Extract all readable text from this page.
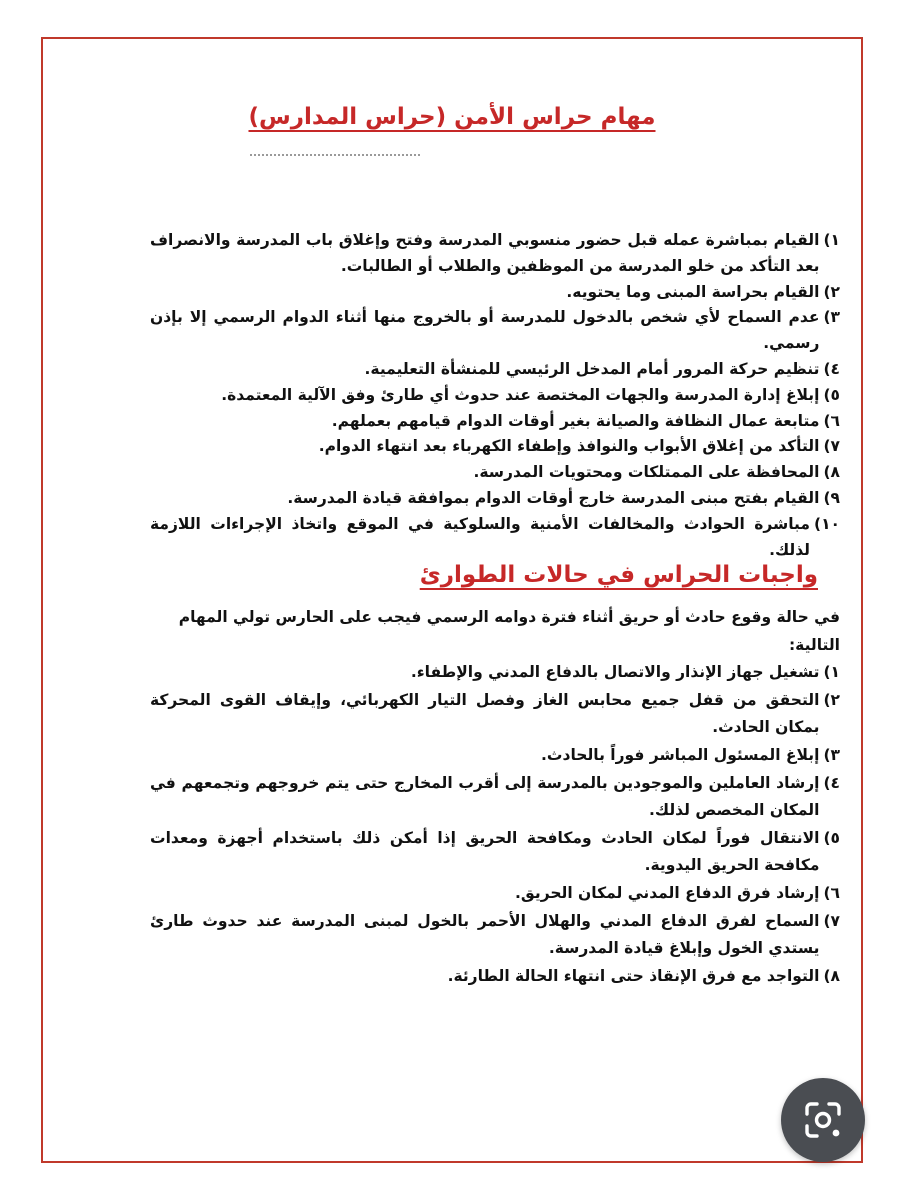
مهام حراس الأمن (حراس المدارس)
١)
القيام بمباشرة عمله قبل حضور منسوبي المدرسة وفتح وإغلاق باب المدرسة والانصراف بعد التأكد من خلو المدرسة من الموظفين والطلاب أو الطالبات.
٢)
القيام بحراسة المبنى وما يحتويه.
٣)
عدم السماح لأي شخص بالدخول للمدرسة أو بالخروج منها أثناء الدوام الرسمي إلا بإذن رسمي.
٤)
تنظيم حركة المرور أمام المدخل الرئيسي للمنشأة التعليمية.
٥)
إبلاغ إدارة المدرسة والجهات المختصة عند حدوث أي طارئ وفق الآلية المعتمدة.
٦)
متابعة عمال النظافة والصيانة بغير أوقات الدوام قيامهم بعملهم.
٧)
التأكد من إغلاق الأبواب والنوافذ وإطفاء الكهرباء بعد انتهاء الدوام.
٨)
المحافظة على الممتلكات ومحتويات المدرسة.
٩)
القيام بفتح مبنى المدرسة خارج أوقات الدوام بموافقة قيادة المدرسة.
١٠)
مباشرة الحوادث والمخالفات الأمنية والسلوكية في الموقع واتخاذ الإجراءات اللازمة لذلك.
واجبات الحراس في حالات الطوارئ
في حالة وقوع حادث أو حريق أثناء فترة دوامه الرسمي فيجب على الحارس تولي المهام التالية:
١)
تشغيل جهاز الإنذار والاتصال بالدفاع المدني والإطفاء.
٢)
التحقق من قفل جميع محابس الغاز وفصل التيار الكهربائي، وإيقاف القوى المحركة بمكان الحادث.
٣)
إبلاغ المسئول المباشر فوراً بالحادث.
٤)
إرشاد العاملين والموجودين بالمدرسة إلى أقرب المخارج حتى يتم خروجهم وتجمعهم في المكان المخصص لذلك.
٥)
الانتقال فوراً لمكان الحادث ومكافحة الحريق إذا أمكن ذلك باستخدام أجهزة ومعدات مكافحة الحريق اليدوية.
٦)
إرشاد فرق الدفاع المدني لمكان الحريق.
٧)
السماح لفرق الدفاع المدني والهلال الأحمر بالخول لمبنى المدرسة عند حدوث طارئ يستدي الخول وإبلاغ قيادة المدرسة.
٨)
التواجد مع فرق الإنقاذ حتى انتهاء الحالة الطارئة.
